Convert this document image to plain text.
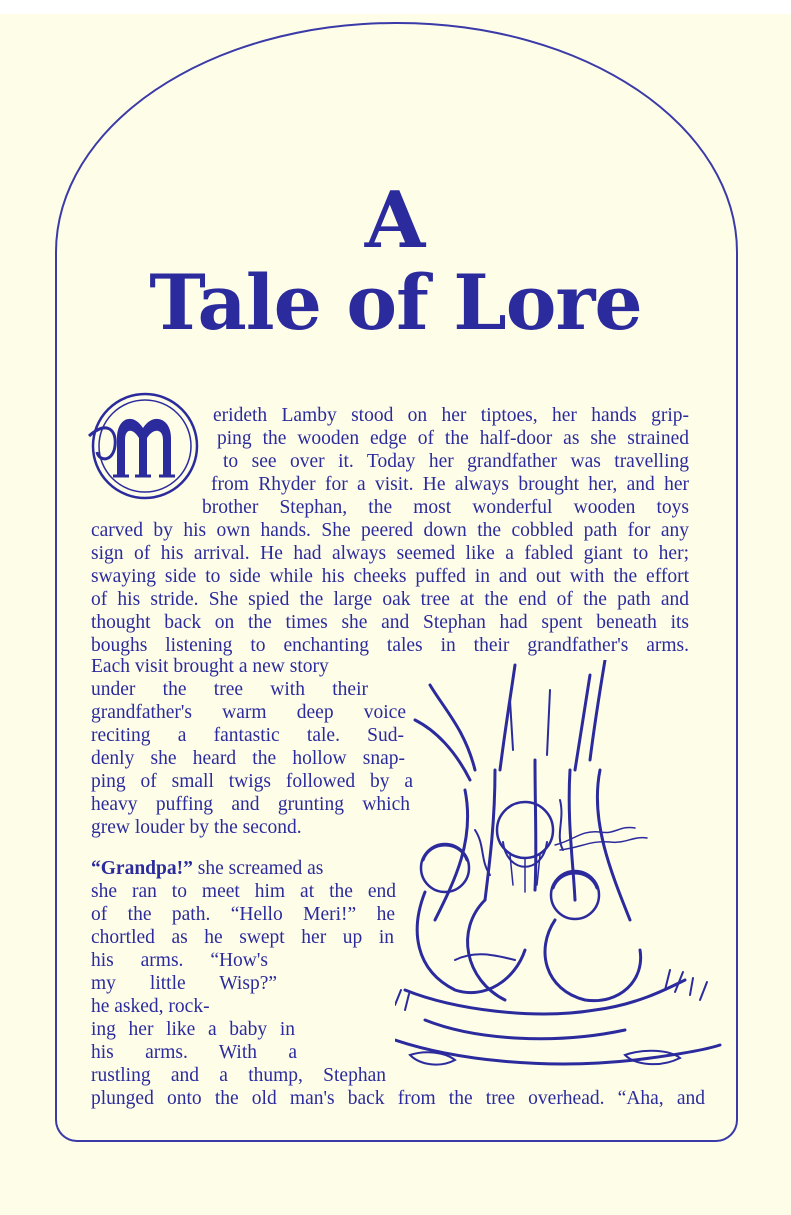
A
Tale of Lore
erideth Lamby stood on her tiptoes, her hands grip-
ping the wooden edge of the half-door as she strained
to see over it. Today her grandfather was travelling
from Rhyder for a visit. He always brought her, and her
brother Stephan, the most wonderful wooden toys
carved by his own hands. She peered down the cobbled path for any
sign of his arrival. He had always seemed like a fabled giant to her;
swaying side to side while his cheeks puffed in and out with the effort
of his stride. She spied the large oak tree at the end of the path and
thought back on the times she and Stephan had spent beneath its
boughs listening to enchanting tales in their grandfather's arms.
Each visit brought a new story
under the tree with their
grandfather's warm deep voice
reciting a fantastic tale. Sud-
denly she heard the hollow snap-
ping of small twigs followed by a
heavy puffing and grunting which
grew louder by the second.
“Grandpa!” she screamed as
she ran to meet him at the end
of the path. “Hello Meri!” he
chortled as he swept her up in
his arms. “How's
my little Wisp?”
he asked, rock-
ing her like a baby in
his arms. With a
rustling and a thump, Stephan
plunged onto the old man's back from the tree overhead. “Aha, and
